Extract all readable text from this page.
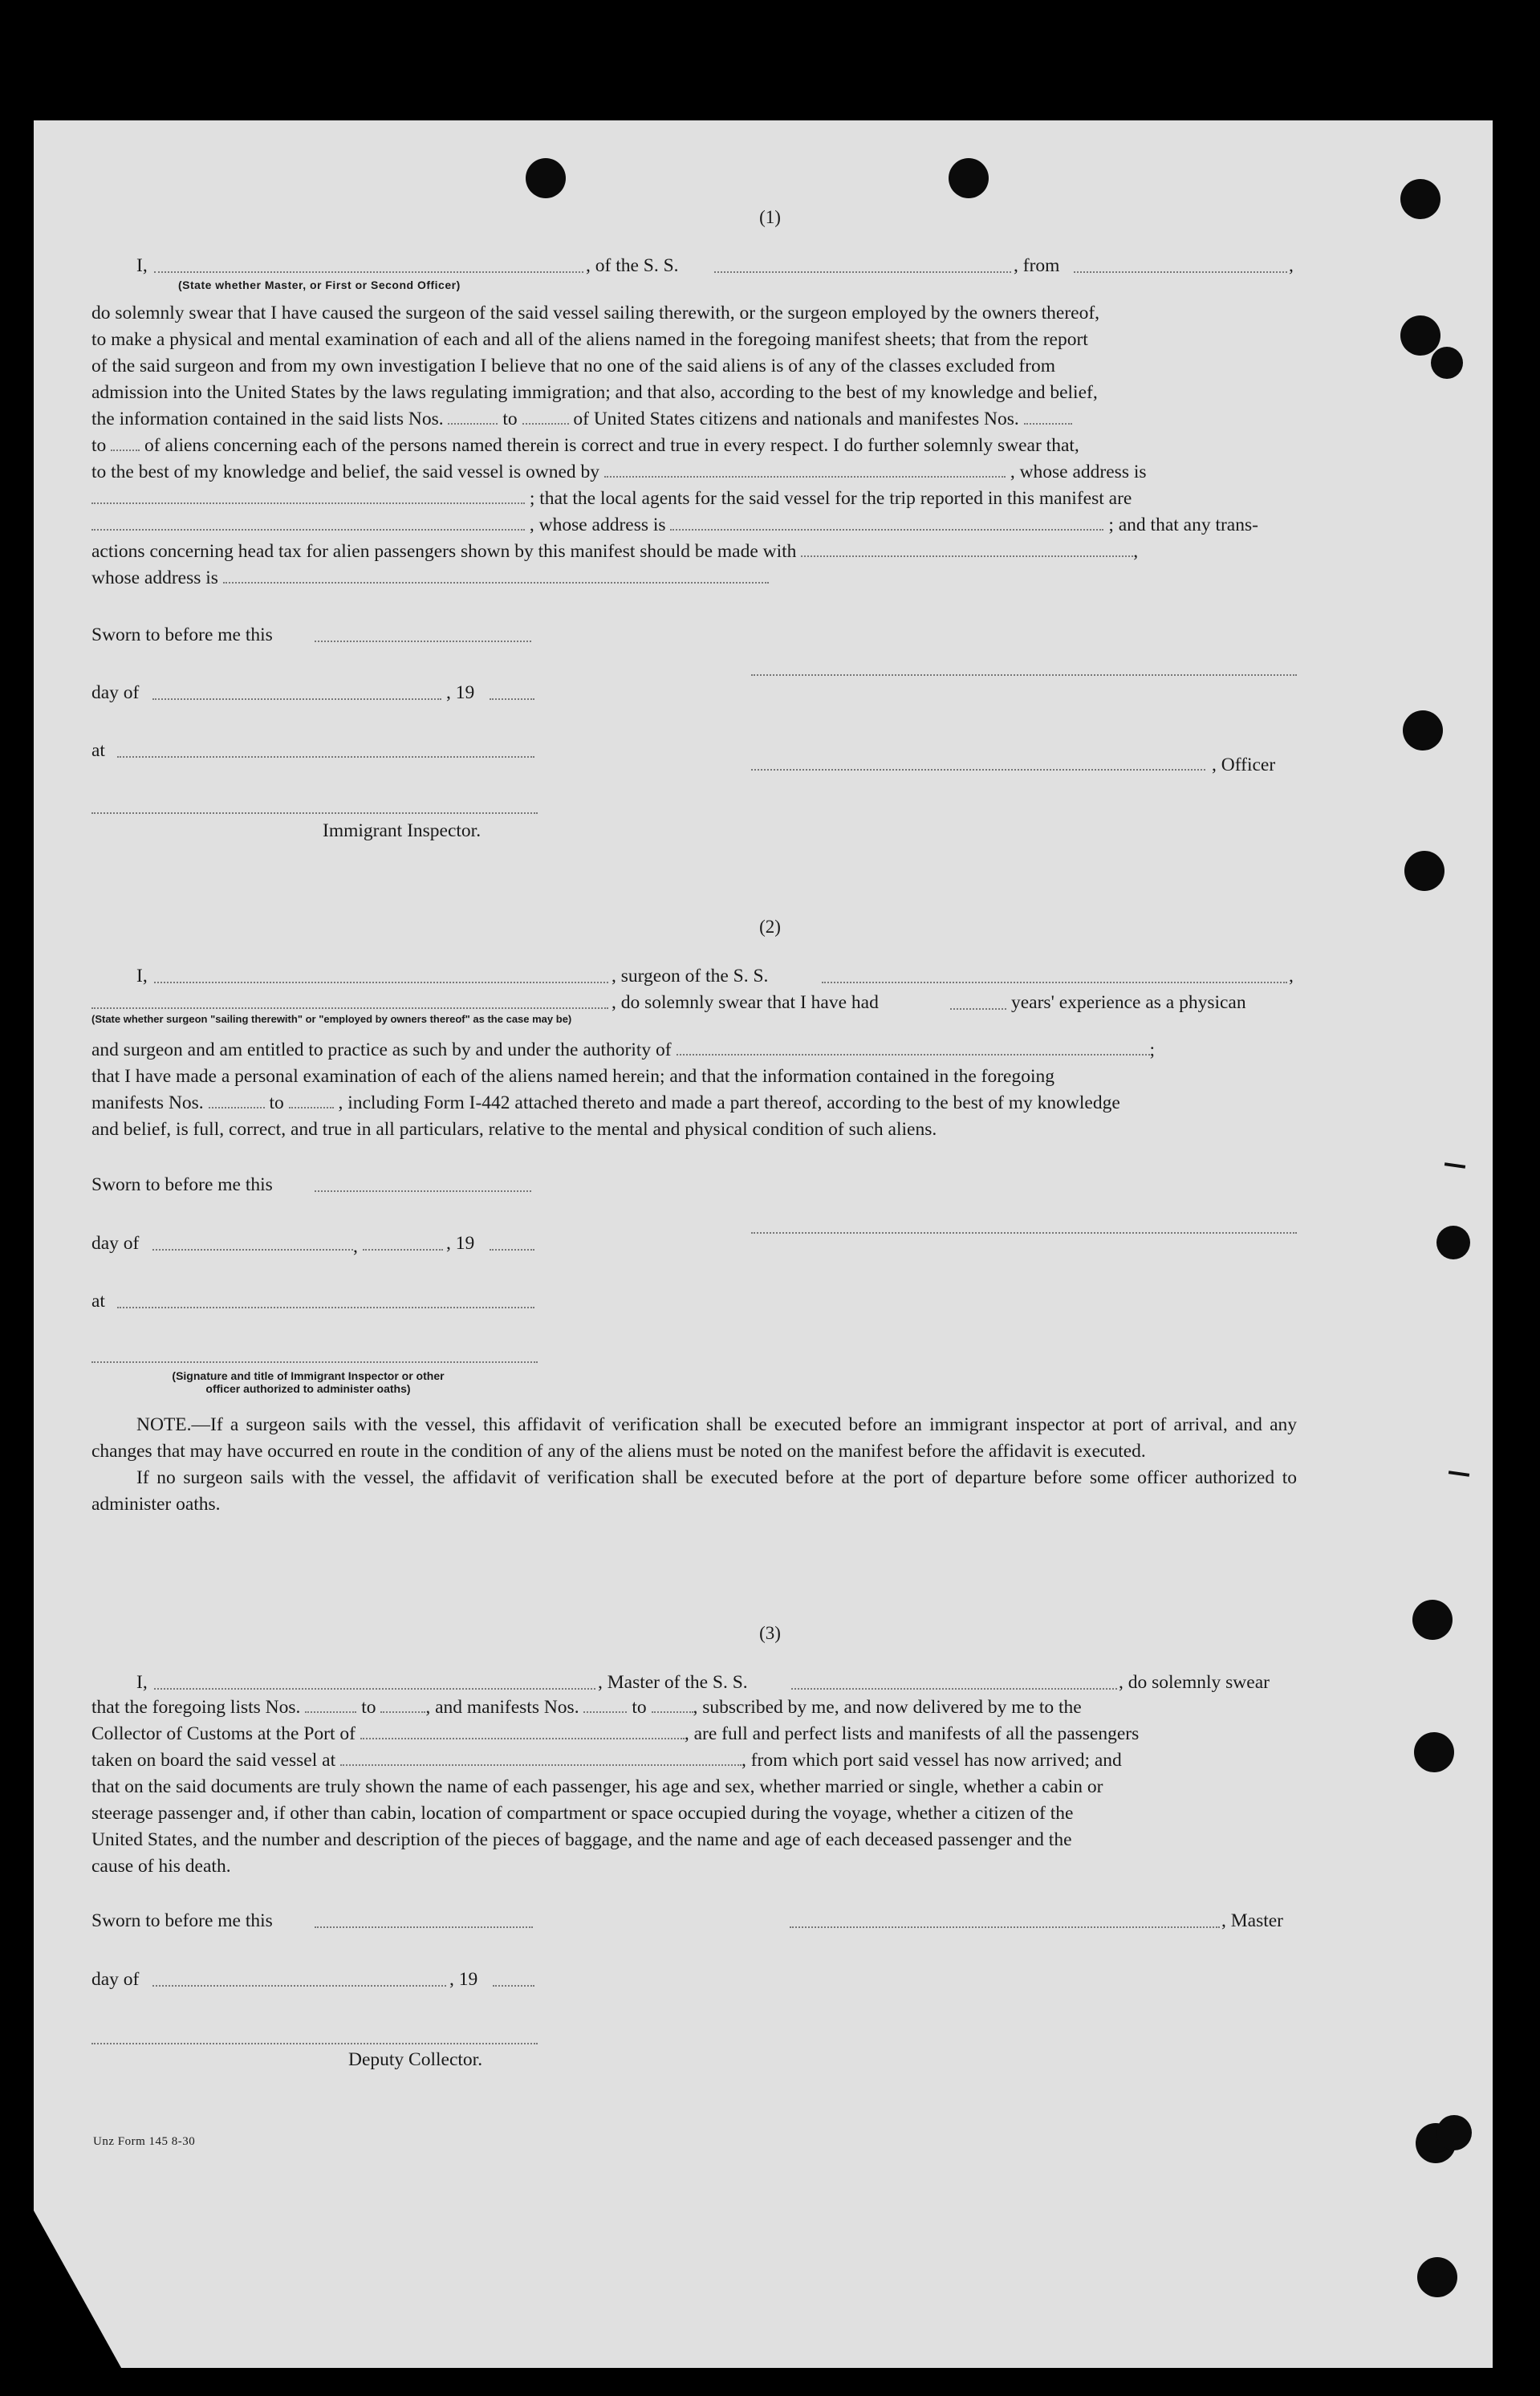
(1)
I,	, of the S. S.	, from	,
(State whether Master, or First or Second Officer)
do solemnly swear that I have caused the surgeon of the said vessel sailing therewith, or the surgeon employed by the owners thereof,
to make a physical and mental examination of each and all of the aliens named in the foregoing manifest sheets; that from the report
of the said surgeon and from my own investigation I believe that no one of the said aliens is of any of the classes excluded from
admission into the United States by the laws regulating immigration; and that also, according to the best of my knowledge and belief,
the information contained in the said lists Nos.	to	of United States citizens and nationals and manifestes Nos.
to of aliens concerning each of the persons named therein is correct and true in every respect. I do further solemnly swear that,
to the best of my knowledge and belief, the said vessel is owned by	, whose address is
; that the local agents for the said vessel for the trip reported in this manifest are
, whose address is	; and that any trans-
actions concerning head tax for alien passengers shown by this manifest should be made with	,
whose address is
Sworn to before me this
day of	, 19
at
, Officer
Immigrant Inspector.
(2)
I,	, surgeon of the S. S.	,
, do solemnly swear that I have had	years' experience as a physican
(State whether surgeon "sailing therewith" or "employed by owners thereof" as the case may be)
and surgeon and am entitled to practice as such by and under the authority of	;
that I have made a personal examination of each of the aliens named herein; and that the information contained in the foregoing
manifests Nos.	to	, including Form I-442 attached thereto and made a part thereof, according to the best of my knowledge
and belief, is full, correct, and true in all particulars, relative to the mental and physical condition of such aliens.
Sworn to before me this
day of	,	, 19
at
(Signature and title of Immigrant Inspector or other
officer authorized to administer oaths)
NOTE.—If a surgeon sails with the vessel, this affidavit of verification shall be executed before an immigrant inspector at port of arrival, and any changes that may have occurred en route in the condition of any of the aliens must be noted on the manifest before the affidavit is executed.
If no surgeon sails with the vessel, the affidavit of verification shall be executed before at the port of departure before some officer authorized to administer oaths.
(3)
I,	, Master of the S. S.	, do solemnly swear
that the foregoing lists Nos.	to	, and manifests Nos.	to , subscribed by me, and now delivered by me to the
Collector of Customs at the Port of	, are full and perfect lists and manifests of all the passengers
taken on board the said vessel at	, from which port said vessel has now arrived; and
that on the said documents are truly shown the name of each passenger, his age and sex, whether married or single, whether a cabin or
steerage passenger and, if other than cabin, location of compartment or space occupied during the voyage, whether a citizen of the
United States, and the number and description of the pieces of baggage, and the name and age of each deceased passenger and the
cause of his death.
Sworn to before me this	, Master
day of	, 19
Deputy Collector.
Unz Form 145 8-30
